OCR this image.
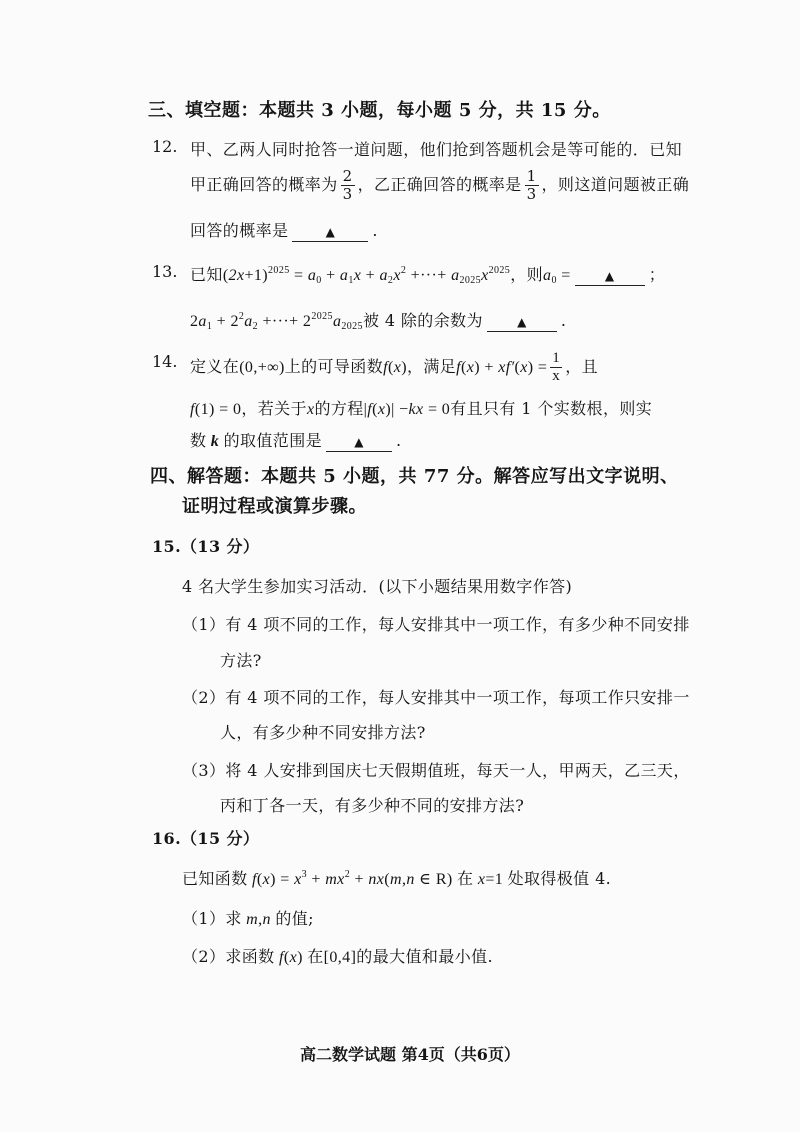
三、填空题：本题共 3 小题，每小题 5 分，共 15 分。
12. 甲、乙两人同时抢答一道问题，他们抢到答题机会是等可能的．已知
甲正确回答的概率为 $\frac{2}{3}$ ，乙正确回答的概率是 $\frac{1}{3}$ ，则这道问题被正确
回答的概率是	▲ .
13. 已知$(2x+1)^{2025} = a_0 + a_1x + a_2x^2$ +···+ $a_{2025}x^{2025}$，则$a_0$ =	▲ ；
$2a_1 + 2^2a_2$ +···+ $2^{2025}a_{2025}$被 4 除的余数为	▲ .
14. 定义在(0,+∞)上的可导函数f(x)，满足$f(x) + xf'(x) = \frac{1}{x}$ ，且
f(1) = 0，若关于x的方程|f(x)| −kx = 0有且只有 1 个实数根，则实
数 k 的取值范围是	▲ .
四、解答题：本题共 5 小题，共 77 分。解答应写出文字说明、
证明过程或演算步骤。
15.（13 分）
4 名大学生参加实习活动．(以下小题结果用数字作答)
（1）有 4 项不同的工作，每人安排其中一项工作，有多少种不同安排
方法?
（2）有 4 项不同的工作，每人安排其中一项工作，每项工作只安排一
人，有多少种不同安排方法?
（3）将 4 人安排到国庆七天假期值班，每天一人，甲两天，乙三天，
丙和丁各一天，有多少种不同的安排方法?
16.（15 分）
已知函数 $f(x) = x^3 + mx^2 + nx(m,n$ ∈ R) 在 x=1 处取得极值 4.
（1）求 m,n 的值;
（2）求函数 f(x) 在[0,4]的最大值和最小值.
高二数学试题 第4页（共6页）
